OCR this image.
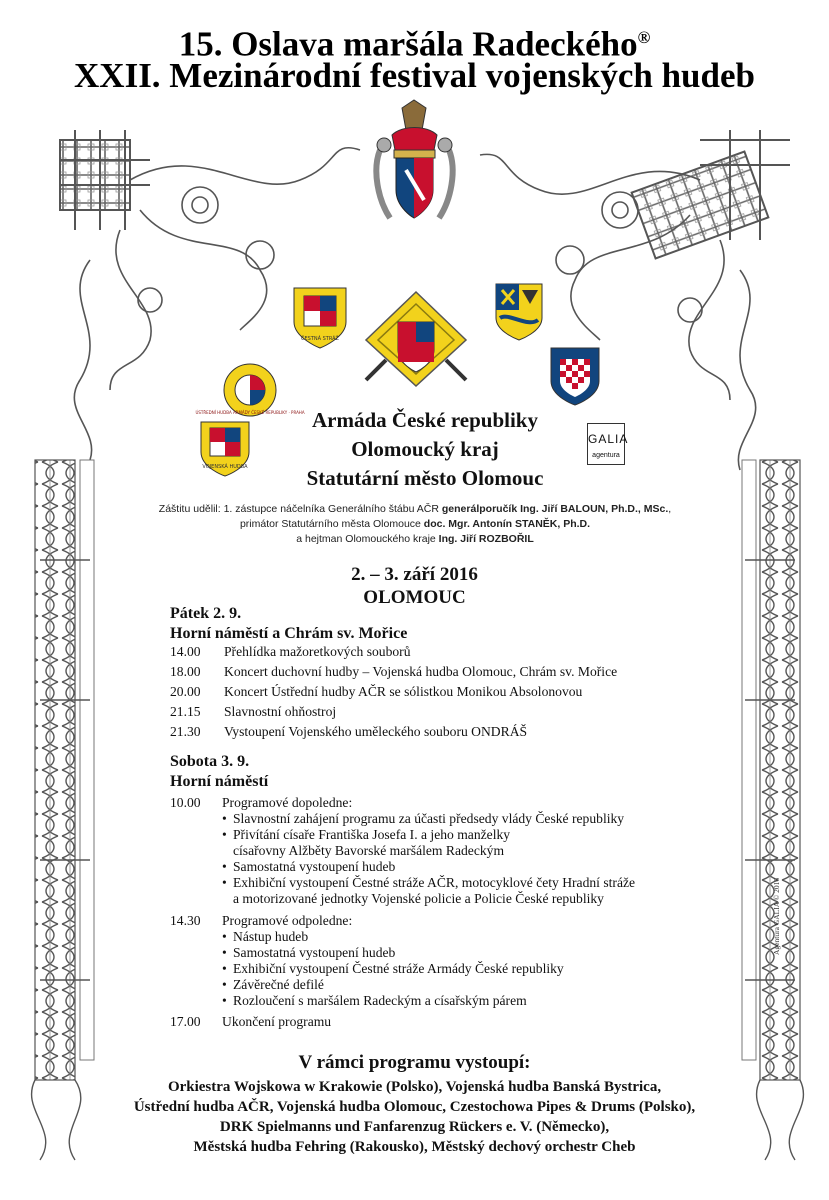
15. Oslava maršála Radeckého®
XXII. Mezinárodní festival vojenských hudeb
ČESTNÁ STRÁŽ
ÚSTŘEDNÍ HUDBA ARMÁDY ČESKÉ REPUBLIKY · PRAHA
VOJENSKÁ HUDBA
Armáda České republiky
Olomoucký kraj
Statutární město Olomouc
GALIA
agentura
Záštitu udělil: 1. zástupce náčelníka Generálního štábu AČR generálporučík Ing. Jiří BALOUN, Ph.D., MSc.,
primátor Statutárního města Olomouce doc. Mgr. Antonín STANĚK, Ph.D.
a hejtman Olomouckého kraje Ing. Jiří ROZBOŘIL
2. – 3. září 2016
OLOMOUC
Pátek 2. 9.
Horní náměstí a Chrám sv. Mořice
14.00 Přehlídka mažoretkových souborů
18.00 Koncert duchovní hudby – Vojenská hudba Olomouc, Chrám sv. Mořice
20.00 Koncert Ústřední hudby AČR se sólistkou Monikou Absolonovou
21.15 Slavnostní ohňostroj
21.30 Vystoupení Vojenského uměleckého souboru ONDRÁŠ
Sobota 3. 9.
Horní náměstí
10.00 Programové dopoledne:
• Slavnostní zahájení programu za účasti předsedy vlády České republiky
• Přivítání císaře Františka Josefa I. a jeho manželky
císařovny Alžběty Bavorské maršálem Radeckým
• Samostatná vystoupení hudeb
• Exhibiční vystoupení Čestné stráže AČR, motocyklové čety Hradní stráže
a motorizované jednotky Vojenské policie a Policie České republiky
14.30 Programové odpoledne:
• Nástup hudeb
• Samostatná vystoupení hudeb
• Exhibiční vystoupení Čestné stráže Armády České republiky
• Závěrečné defilé
• Rozloučení s maršálem Radeckým a císařským párem
17.00 Ukončení programu
V rámci programu vystoupí:
Orkiestra Wojskowa w Krakowie (Polsko), Vojenská hudba Banská Bystrica,
Ústřední hudba AČR, Vojenská hudba Olomouc, Czestochowa Pipes & Drums (Polsko),
DRK Spielmanns und Fanfarenzug Rückers e. V. (Německo),
Městská hudba Fehring (Rakousko), Městský dechový orchestr Cheb
Agentura GALIA © 2016
